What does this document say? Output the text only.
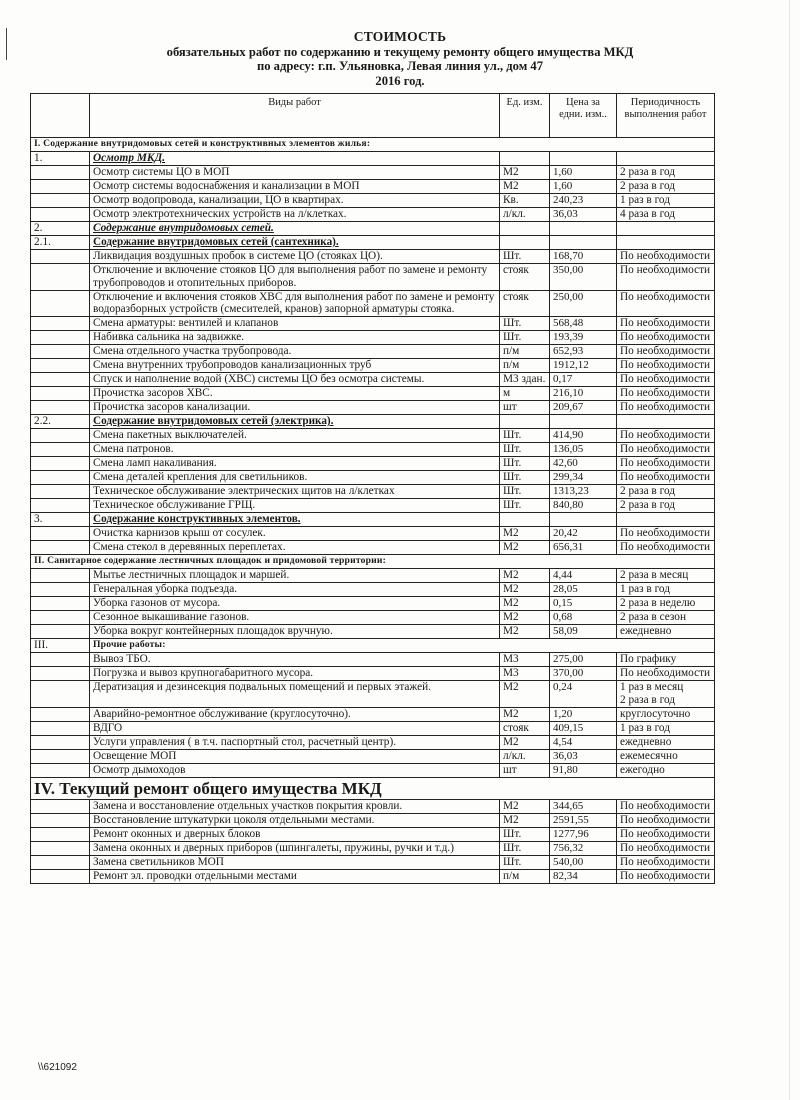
СТОИМОСТЬ
обязательных работ по содержанию и текущему ремонту общего имущества МКД
по адресу: г.п. Ульяновка, Левая линия ул., дом 47
2016 год.
	Виды работ	Ед. изм.	Цена за едни. изм..	Периодичность выполнения работ
I. Содержание внутридомовых сетей и конструктивных элементов жилья:				
1.	Осмотр МКД.			
	Осмотр системы ЦО в МОП	М2	1,60	2 раза в год
	Осмотр системы водоснабжения и канализации в МОП	М2	1,60	2 раза в год
	Осмотр водопровода, канализации, ЦО в квартирах.	Кв.	240,23	1 раз в год
	Осмотр электротехнических устройств на л/клетках.	л/кл.	36,03	4 раза в год
2.	Содержание внутридомовых сетей.			
2.1.	Содержание внутридомовых сетей (сантехника).			
	Ликвидация воздушных пробок в системе ЦО (стояках ЦО).	Шт.	168,70	По необходимости
	Отключение и включение стояков ЦО для выполнения работ по замене и ремонту трубопроводов и отопительных приборов.	стояк	350,00	По необходимости
	Отключение и включения стояков ХВС для выполнения работ по замене и ремонту водоразборных устройств (смесителей, кранов) запорной арматуры стояка.	стояк	250,00	По необходимости
	Смена арматуры: вентилей и клапанов	Шт.	568,48	По необходимости
	Набивка сальника на задвижке.	Шт.	193,39	По необходимости
	Смена отдельного участка трубопровода.	п/м	652,93	По необходимости
	Смена внутренних трубопроводов канализационных труб	п/м	1912,12	По необходимости
	Спуск и наполнение водой (ХВС) системы ЦО без осмотра системы.	М3 здан.	0,17	По необходимости
	Прочистка засоров ХВС.	м	216,10	По необходимости
	Прочистка засоров канализации.	шт	209,67	По необходимости
2.2.	Содержание внутридомовых сетей (электрика).			
	Смена пакетных выключателей.	Шт.	414,90	По необходимости
	Смена патронов.	Шт.	136,05	По необходимости
	Смена ламп накаливания.	Шт.	42,60	По необходимости
	Смена деталей крепления для светильников.	Шт.	299,34	По необходимости
	Техническое обслуживание электрических щитов на л/клетках	Шт.	1313,23	2 раза в год
	Техническое обслуживание ГРЩ.	Шт.	840,80	2 раза в год
3.	Содержание конструктивных элементов.			
	Очистка карнизов крыш от сосулек.	М2	20,42	По необходимости
	Смена стекол в деревянных переплетах.	М2	656,31	По необходимости
II. Санитарное содержание лестничных площадок и придомовой территории:				
	Мытье лестничных площадок и маршей.	М2	4,44	2 раза в месяц
	Генеральная уборка подъезда.	М2	28,05	1 раз в год
	Уборка газонов от мусора.	М2	0,15	2 раза в неделю
	Сезонное выкашивание газонов.	М2	0,68	2 раза в сезон
	Уборка вокруг контейнерных площадок вручную.	М2	58,09	ежедневно
III.	Прочие работы:			
	Вывоз ТБО.	М3	275,00	По графику
	Погрузка и вывоз крупногабаритного мусора.	М3	370,00	По необходимости
	Дератизация и дезинсекция подвальных помещений и первых этажей.	М2	0,24	1 раз в месяц
2 раза в год
	Аварийно-ремонтное обслуживание (круглосуточно).	М2	1,20	круглосуточно
	ВДГО	стояк	409,15	1 раз в год
	Услуги управления ( в т.ч. паспортный стол, расчетный центр).	М2	4,54	ежедневно
	Освещение МОП	л/кл.	36,03	ежемесячно
	Осмотр дымоходов	шт	91,80	ежегодно
IV. Текущий ремонт общего имущества МКД				
	Замена и восстановление отдельных участков покрытия кровли.	М2	344,65	По необходимости
	Восстановление штукатурки цоколя отдельными местами.	М2	2591,55	По необходимости
	Ремонт оконных и дверных блоков	Шт.	1277,96	По необходимости
	Замена оконных и дверных приборов (шпингалеты, пружины, ручки и т.д.)	Шт.	756,32	По необходимости
	Замена светильников МОП	Шт.	540,00	По необходимости
	Ремонт эл. проводки отдельными местами	п/м	82,34	По необходимости
\\621092
